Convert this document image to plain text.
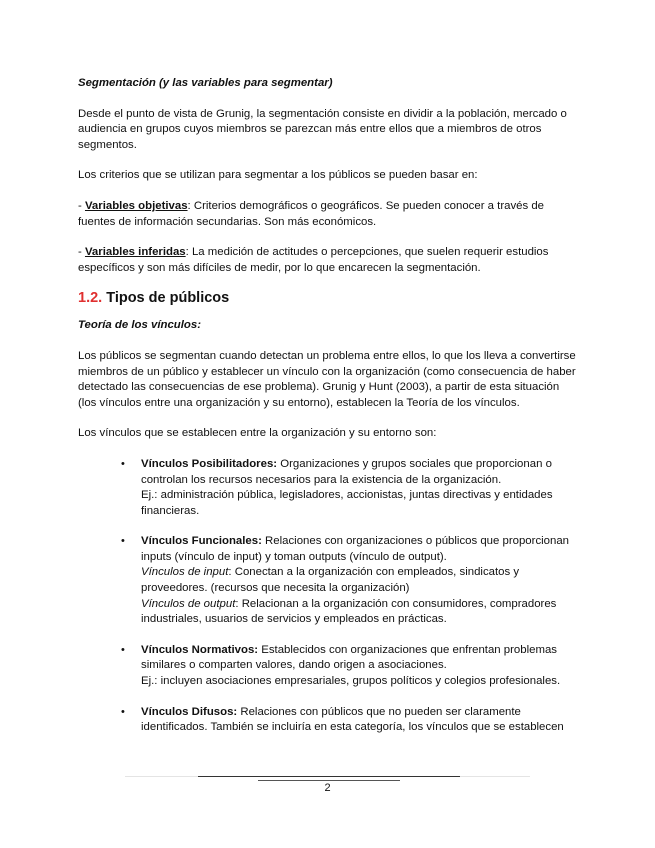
Segmentación (y las variables para segmentar)

Desde el punto de vista de Grunig, la segmentación consiste en dividir a la población, mercado o audiencia en grupos cuyos miembros se parezcan más entre ellos que a miembros de otros segmentos.

Los criterios que se utilizan para segmentar a los públicos se pueden basar en:

- Variables objetivas: Criterios demográficos o geográficos. Se pueden conocer a través de fuentes de información secundarias. Son más económicos.

- Variables inferidas: La medición de actitudes o percepciones, que suelen requerir estudios específicos y son más difíciles de medir, por lo que encarecen la segmentación.

1.2. Tipos de públicos

Teoría de los vínculos:

Los públicos se segmentan cuando detectan un problema entre ellos, lo que los lleva a convertirse miembros de un público y establecer un vínculo con la organización (como consecuencia de haber detectado las consecuencias de ese problema). Grunig y Hunt (2003), a partir de esta situación (los vínculos entre una organización y su entorno), establecen la Teoría de los vínculos.

Los vínculos que se establecen entre la organización y su entorno son:

• Vínculos Posibilitadores: Organizaciones y grupos sociales que proporcionan o controlan los recursos necesarios para la existencia de la organización.
Ej.: administración pública, legisladores, accionistas, juntas directivas y entidades financieras.
• Vínculos Funcionales: Relaciones con organizaciones o públicos que proporcionan inputs (vínculo de input) y toman outputs (vínculo de output).
Vínculos de input: Conectan a la organización con empleados, sindicatos y proveedores. (recursos que necesita la organización)
Vínculos de output: Relacionan a la organización con consumidores, compradores industriales, usuarios de servicios y empleados en prácticas.
• Vínculos Normativos: Establecidos con organizaciones que enfrentan problemas similares o comparten valores, dando origen a asociaciones.
Ej.: incluyen asociaciones empresariales, grupos políticos y colegios profesionales.
• Vínculos Difusos: Relaciones con públicos que no pueden ser claramente identificados. También se incluiría en esta categoría, los vínculos que se establecen
2
